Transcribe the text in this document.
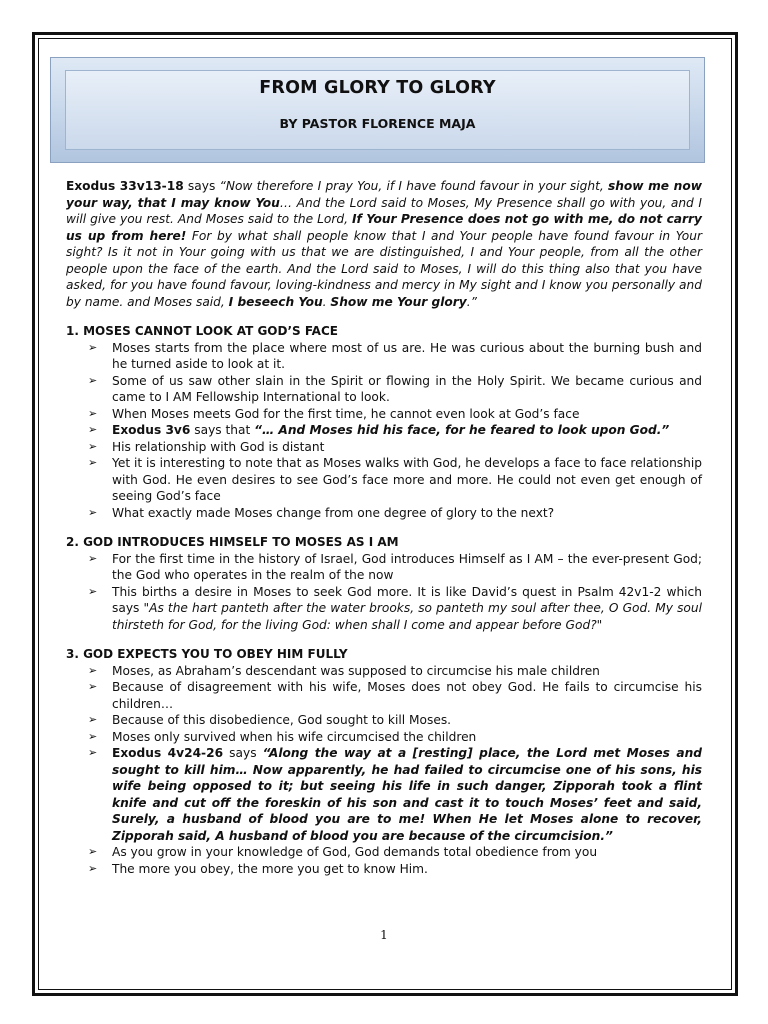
FROM GLORY TO GLORY
BY PASTOR FLORENCE MAJA

Exodus 33v13-18 says “Now therefore I pray You, if I have found favour in your sight, show me now your way, that I may know You… And the Lord said to Moses, My Presence shall go with you, and I will give you rest. And Moses said to the Lord, If Your Presence does not go with me, do not carry us up from here! For by what shall people know that I and Your people have found favour in Your sight? Is it not in Your going with us that we are distinguished, I and Your people, from all the other people upon the face of the earth. And the Lord said to Moses, I will do this thing also that you have asked, for you have found favour, loving-kindness and mercy in My sight and I know you personally and by name. and Moses said, I beseech You. Show me Your glory.”

1. MOSES CANNOT LOOK AT GOD’S FACE

➢ Moses starts from the place where most of us are. He was curious about the burning bush and he turned aside to look at it.
➢ Some of us saw other slain in the Spirit or flowing in the Holy Spirit. We became curious and came to I AM Fellowship International to look.
➢ When Moses meets God for the first time, he cannot even look at God’s face
➢ Exodus 3v6 says that “… And Moses hid his face, for he feared to look upon God.”
➢ His relationship with God is distant
➢ Yet it is interesting to note that as Moses walks with God, he develops a face to face relationship with God. He even desires to see God’s face more and more. He could not even get enough of seeing God’s face
➢ What exactly made Moses change from one degree of glory to the next?

2. GOD INTRODUCES HIMSELF TO MOSES AS I AM

➢ For the first time in the history of Israel, God introduces Himself as I AM – the ever-present God; the God who operates in the realm of the now
➢ This births a desire in Moses to seek God more. It is like David’s quest in Psalm 42v1-2 which says "As the hart panteth after the water brooks, so panteth my soul after thee, O God. My soul thirsteth for God, for the living God: when shall I come and appear before God?"

3. GOD EXPECTS YOU TO OBEY HIM FULLY

➢ Moses, as Abraham’s descendant was supposed to circumcise his male children
➢ Because of disagreement with his wife, Moses does not obey God. He fails to circumcise his children…
➢ Because of this disobedience, God sought to kill Moses.
➢ Moses only survived when his wife circumcised the children
➢ Exodus 4v24-26 says “Along the way at a [resting] place, the Lord met Moses and sought to kill him… Now apparently, he had failed to circumcise one of his sons, his wife being opposed to it; but seeing his life in such danger, Zipporah took a flint knife and cut off the foreskin of his son and cast it to touch Moses’ feet and said, Surely, a husband of blood you are to me! When He let Moses alone to recover, Zipporah said, A husband of blood you are because of the circumcision.”
➢ As you grow in your knowledge of God, God demands total obedience from you
➢ The more you obey, the more you get to know Him.
1
